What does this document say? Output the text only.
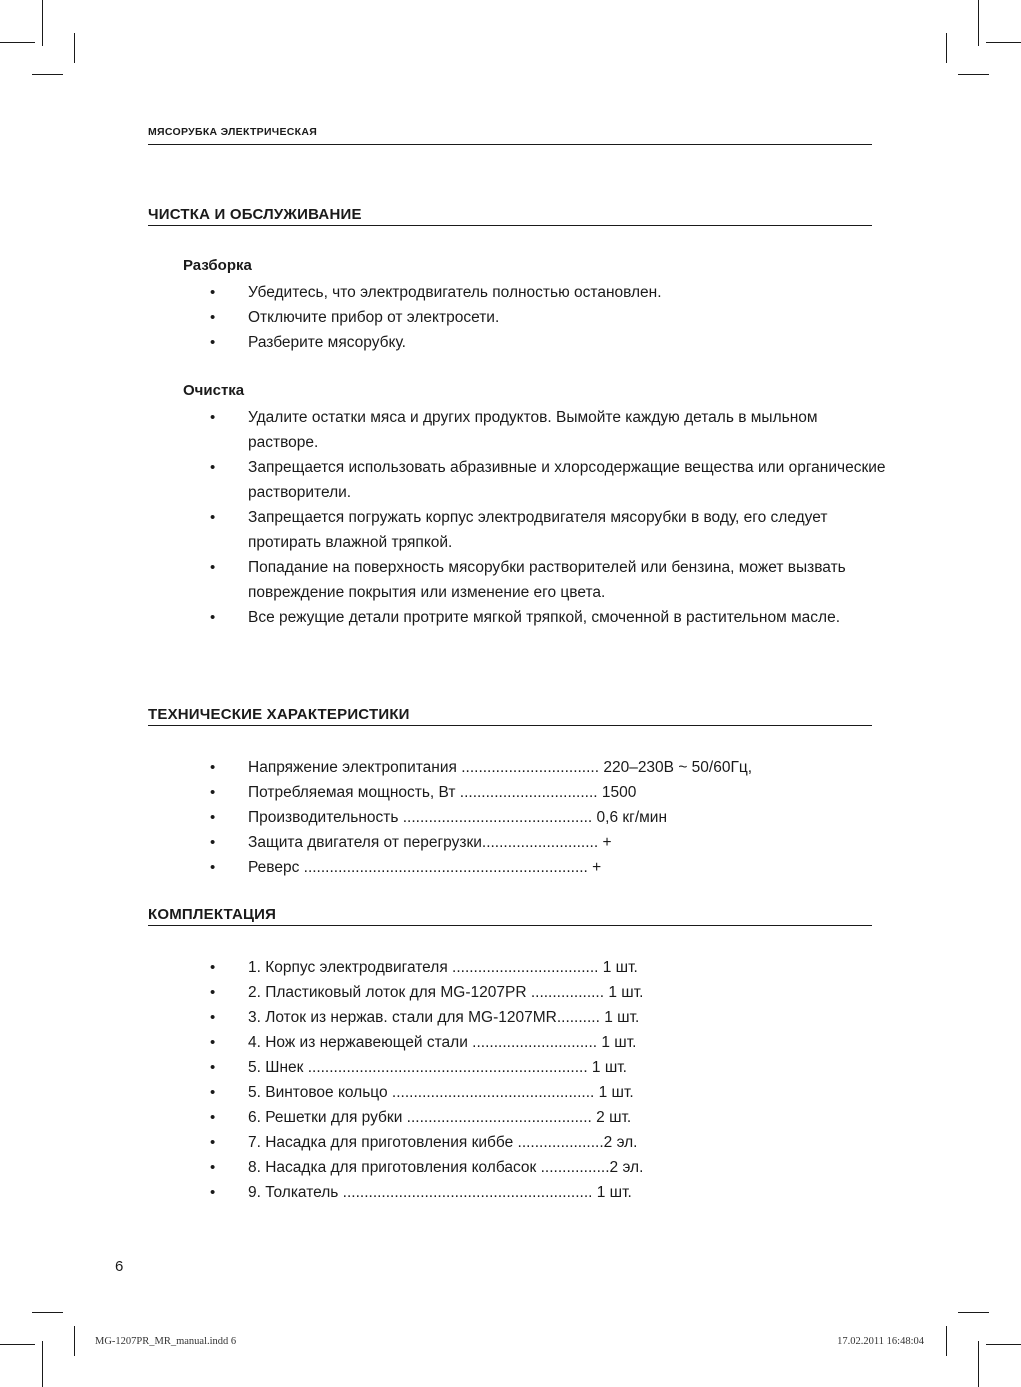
МЯСОРУБКА ЭЛЕКТРИЧЕСКАЯ
ЧИСТКА И ОБСЛУЖИВАНИЕ
Разборка
• Убедитесь, что электродвигатель полностью остановлен.
• Отключите прибор от электросети.
• Разберите мясорубку.
Очистка
• Удалите остатки мяса и других продуктов. Вымойте каждую деталь в мыльном растворе.
• Запрещается использовать абразивные и хлорсодержащие вещества или органические растворители.
• Запрещается погружать корпус электродвигателя мясорубки в воду, его следует протирать влажной тряпкой.
• Попадание на поверхность мясорубки растворителей или бензина, может вызвать повреждение покрытия или изменение его цвета.
• Все режущие детали протрите мягкой тряпкой, смоченной в растительном масле.
ТЕХНИЧЕСКИЕ ХАРАКТЕРИСТИКИ
• Напряжение электропитания ................................ 220–230В ~ 50/60Гц,
• Потребляемая мощность, Вт ................................ 1500
• Производительность ............................................ 0,6 кг/мин
• Защита двигателя от перегрузки........................... +
• Реверс .................................................................. +
КОМПЛЕКТАЦИЯ
• 1. Корпус электродвигателя .................................. 1 шт.
• 2. Пластиковый лоток для MG-1207PR ................. 1 шт.
• 3. Лоток из нержав. стали для MG-1207MR.......... 1 шт.
• 4. Нож из нержавеющей стали ............................. 1 шт.
• 5. Шнек ................................................................. 1 шт.
• 5. Винтовое кольцо ............................................... 1 шт.
• 6. Решетки для рубки ........................................... 2 шт.
• 7. Насадка для приготовления киббе ....................2 эл.
• 8. Насадка для приготовления колбасок ................2 эл.
• 9. Толкатель .......................................................... 1 шт.
6
MG-1207PR_MR_manual.indd 6	17.02.2011 16:48:04
